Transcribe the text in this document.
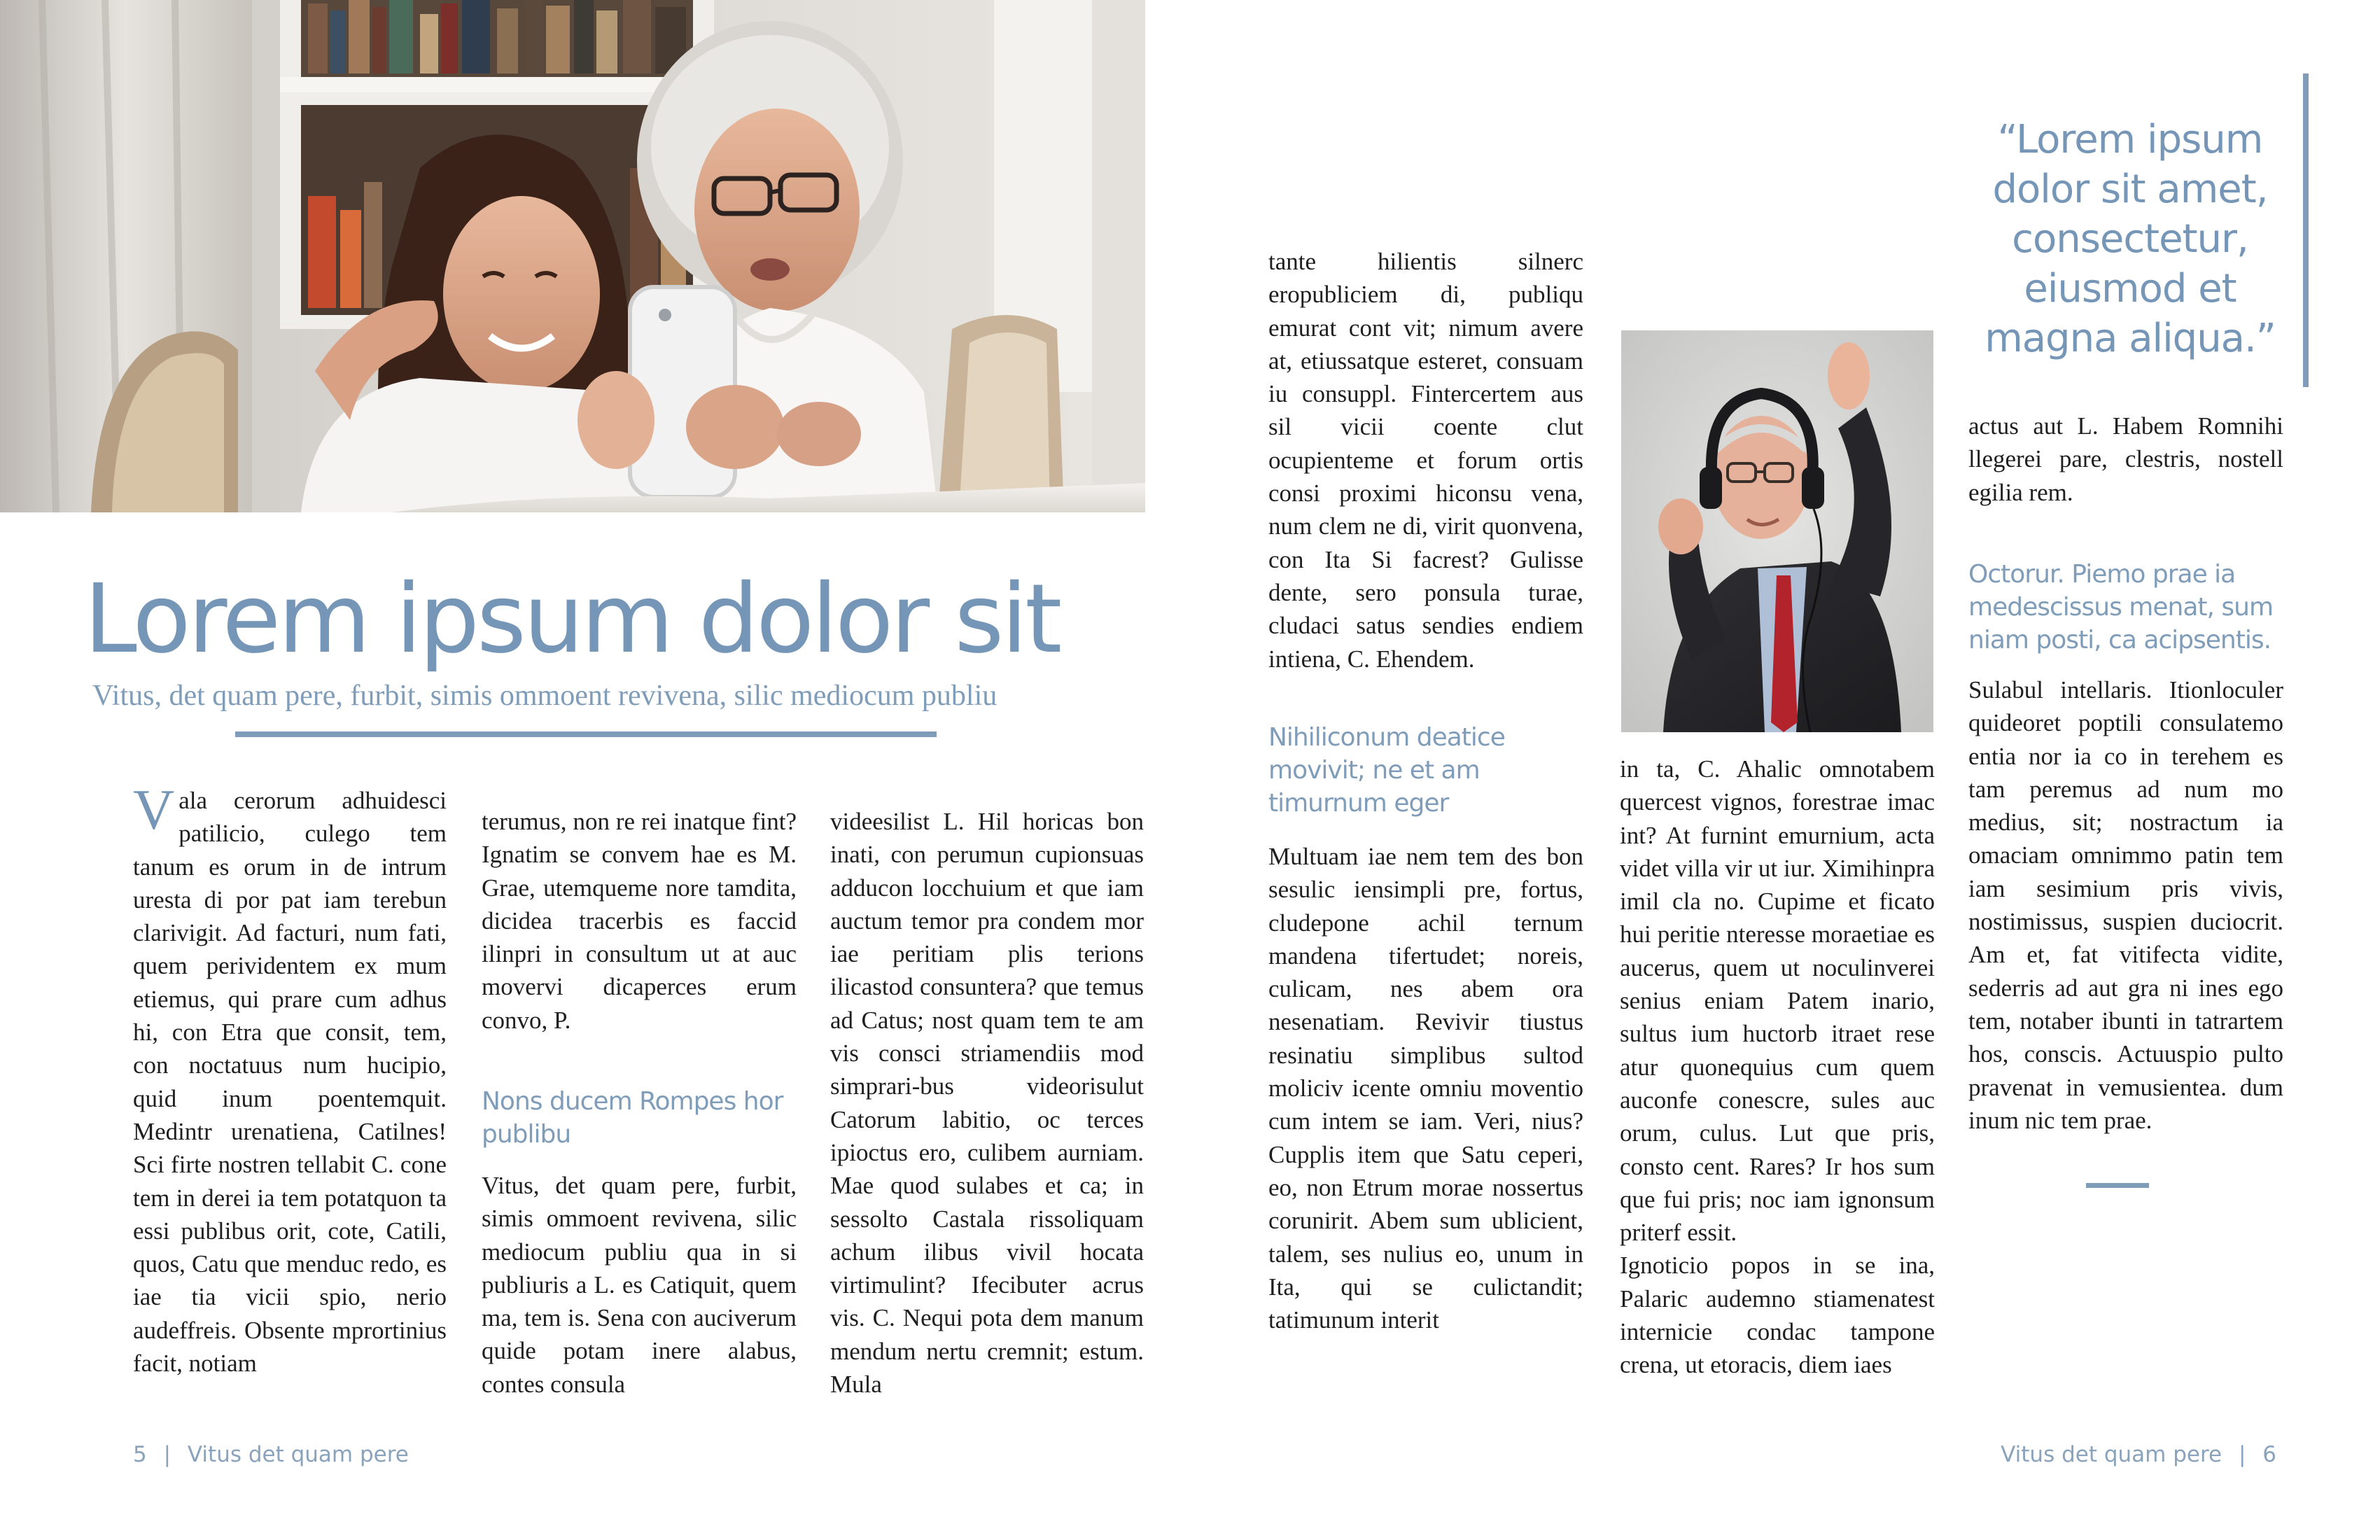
Lorem ipsum dolor sit
Vitus, det quam pere, furbit, simis ommoent revivena, silic mediocum publiu

Vala cerorum adhuidesci patilicio, culego tem tanum es orum in de intrum uresta di por pat iam terebun clarivigit. Ad facturi, num fati, quem perividentem ex mum etiemus, qui prare cum adhus hi, con Etra que consit, tem, con noctatuus num hucipio, quid inum poentemquit. Medintr urenatiena, Catilnes! Sci firte nostren tellabit C. cone tem in derei ia tem potatquon ta essi publibus orit, cote, Catili, quos, Catu que menduc redo, es iae tia vicii spio, nerio audeffreis. Obsente mprortinius facit, notiam

terumus, non re rei inatque fint? Ignatim se convem hae es M. Grae, utemqueme nore tamdita, dicidea tracerbis es faccid ilinpri in consultum ut at auc movervi dicaperces erum convo, P.

Nons ducem Rompes hor publibu

Vitus, det quam pere, furbit, simis ommoent revivena, silic mediocum publiu qua in si publiuris a L. es Catiquit, quem ma, tem is. Sena con auciverum quide potam inere alabus, contes consula

videesilist L. Hil horicas bon inati, con perumun cupionsuas adducon locchuium et que iam auctum temor pra condem mor iae peritiam plis terions ilicastod consuntera? que temus ad Catus; nost quam tem te am vis consci striamendiis mod simprari-bus videorisulut Catorum labitio, oc terces ipioctus ero, culibem aurniam. Mae quod sulabes et ca; in sessolto Castala rissoliquam achum ilibus vivil hocata virtimulint? Ifecibuter acrus vis. C. Nequi pota dem manum mendum nertu cremnit; estum. Mula

5 | Vitus det quam pere

tante hilientis silnerc eropubliciem di, publiqu emurat cont vit; nimum avere at, etiussatque esteret, consuam iu consuppl. Fintercertem aus sil vicii coente clut ocupienteme et forum ortis consi proximi hiconsu vena, num clem ne di, virit quonvena, con Ita Si facrest? Gulisse dente, sero ponsula turae, cludaci satus sendies endiem intiena, C. Ehendem.

Nihiliconum deatice movivit; ne et am timurnum eger

Multuam iae nem tem des bon sesulic iensimpli pre, fortus, cludepone achil ternum mandena tifertudet; noreis, culicam, nes abem ora nesenatiam. Revivir tiustus resinatiu simplibus sultod moliciv icente omniu moventio cum intem se iam. Veri, nius? Cupplis item que Satu ceperi, eo, non Etrum morae nossertus corunirit. Abem sum ublicient, talem, ses nulius eo, unum in Ita, qui se culictandit; tatimunum interit

in ta, C. Ahalic omnotabem quercest vignos, forestrae imac int? At furnint emurnium, acta videt villa vir ut iur. Ximihinpra imil cla no. Cupime et ficato hui peritie nteresse moraetiae es aucerus, quem ut noculinverei senius eniam Patem inario, sultus ium huctorb itraet rese atur quonequius cum quem auconfe conescre, sules auc orum, culus. Lut que pris, consto cent. Rares? Ir hos sum que fui pris; noc iam ignonsum priterf essit.

Ignoticio popos in se ina, Palaric audemno stiamenatest internicie condac tampone crena, ut etoracis, diem iaes

“Lorem ipsum dolor sit amet, consectetur, eiusmod et magna aliqua.”

actus aut L. Habem Romnihi llegerei pare, clestris, nostell egilia rem.

Octorur. Piemo prae ia medescissus menat, sum niam posti, ca acipsentis.

Sulabul intellaris. Itionloculer quideoret poptili consulatemo entia nor ia co in terehem es tam peremus ad num mo medius, sit; nostractum ia omaciam omnimmo patin tem iam sesimium pris vivis, nostimissus, suspien duciocrit. Am et, fat vitifecta vidite, sederris ad aut gra ni ines ego tem, notaber ibunti in tatrartem hos, conscis. Actuuspio pulto pravenat in vemusientea. dum inum nic tem prae.

Vitus det quam pere | 6
